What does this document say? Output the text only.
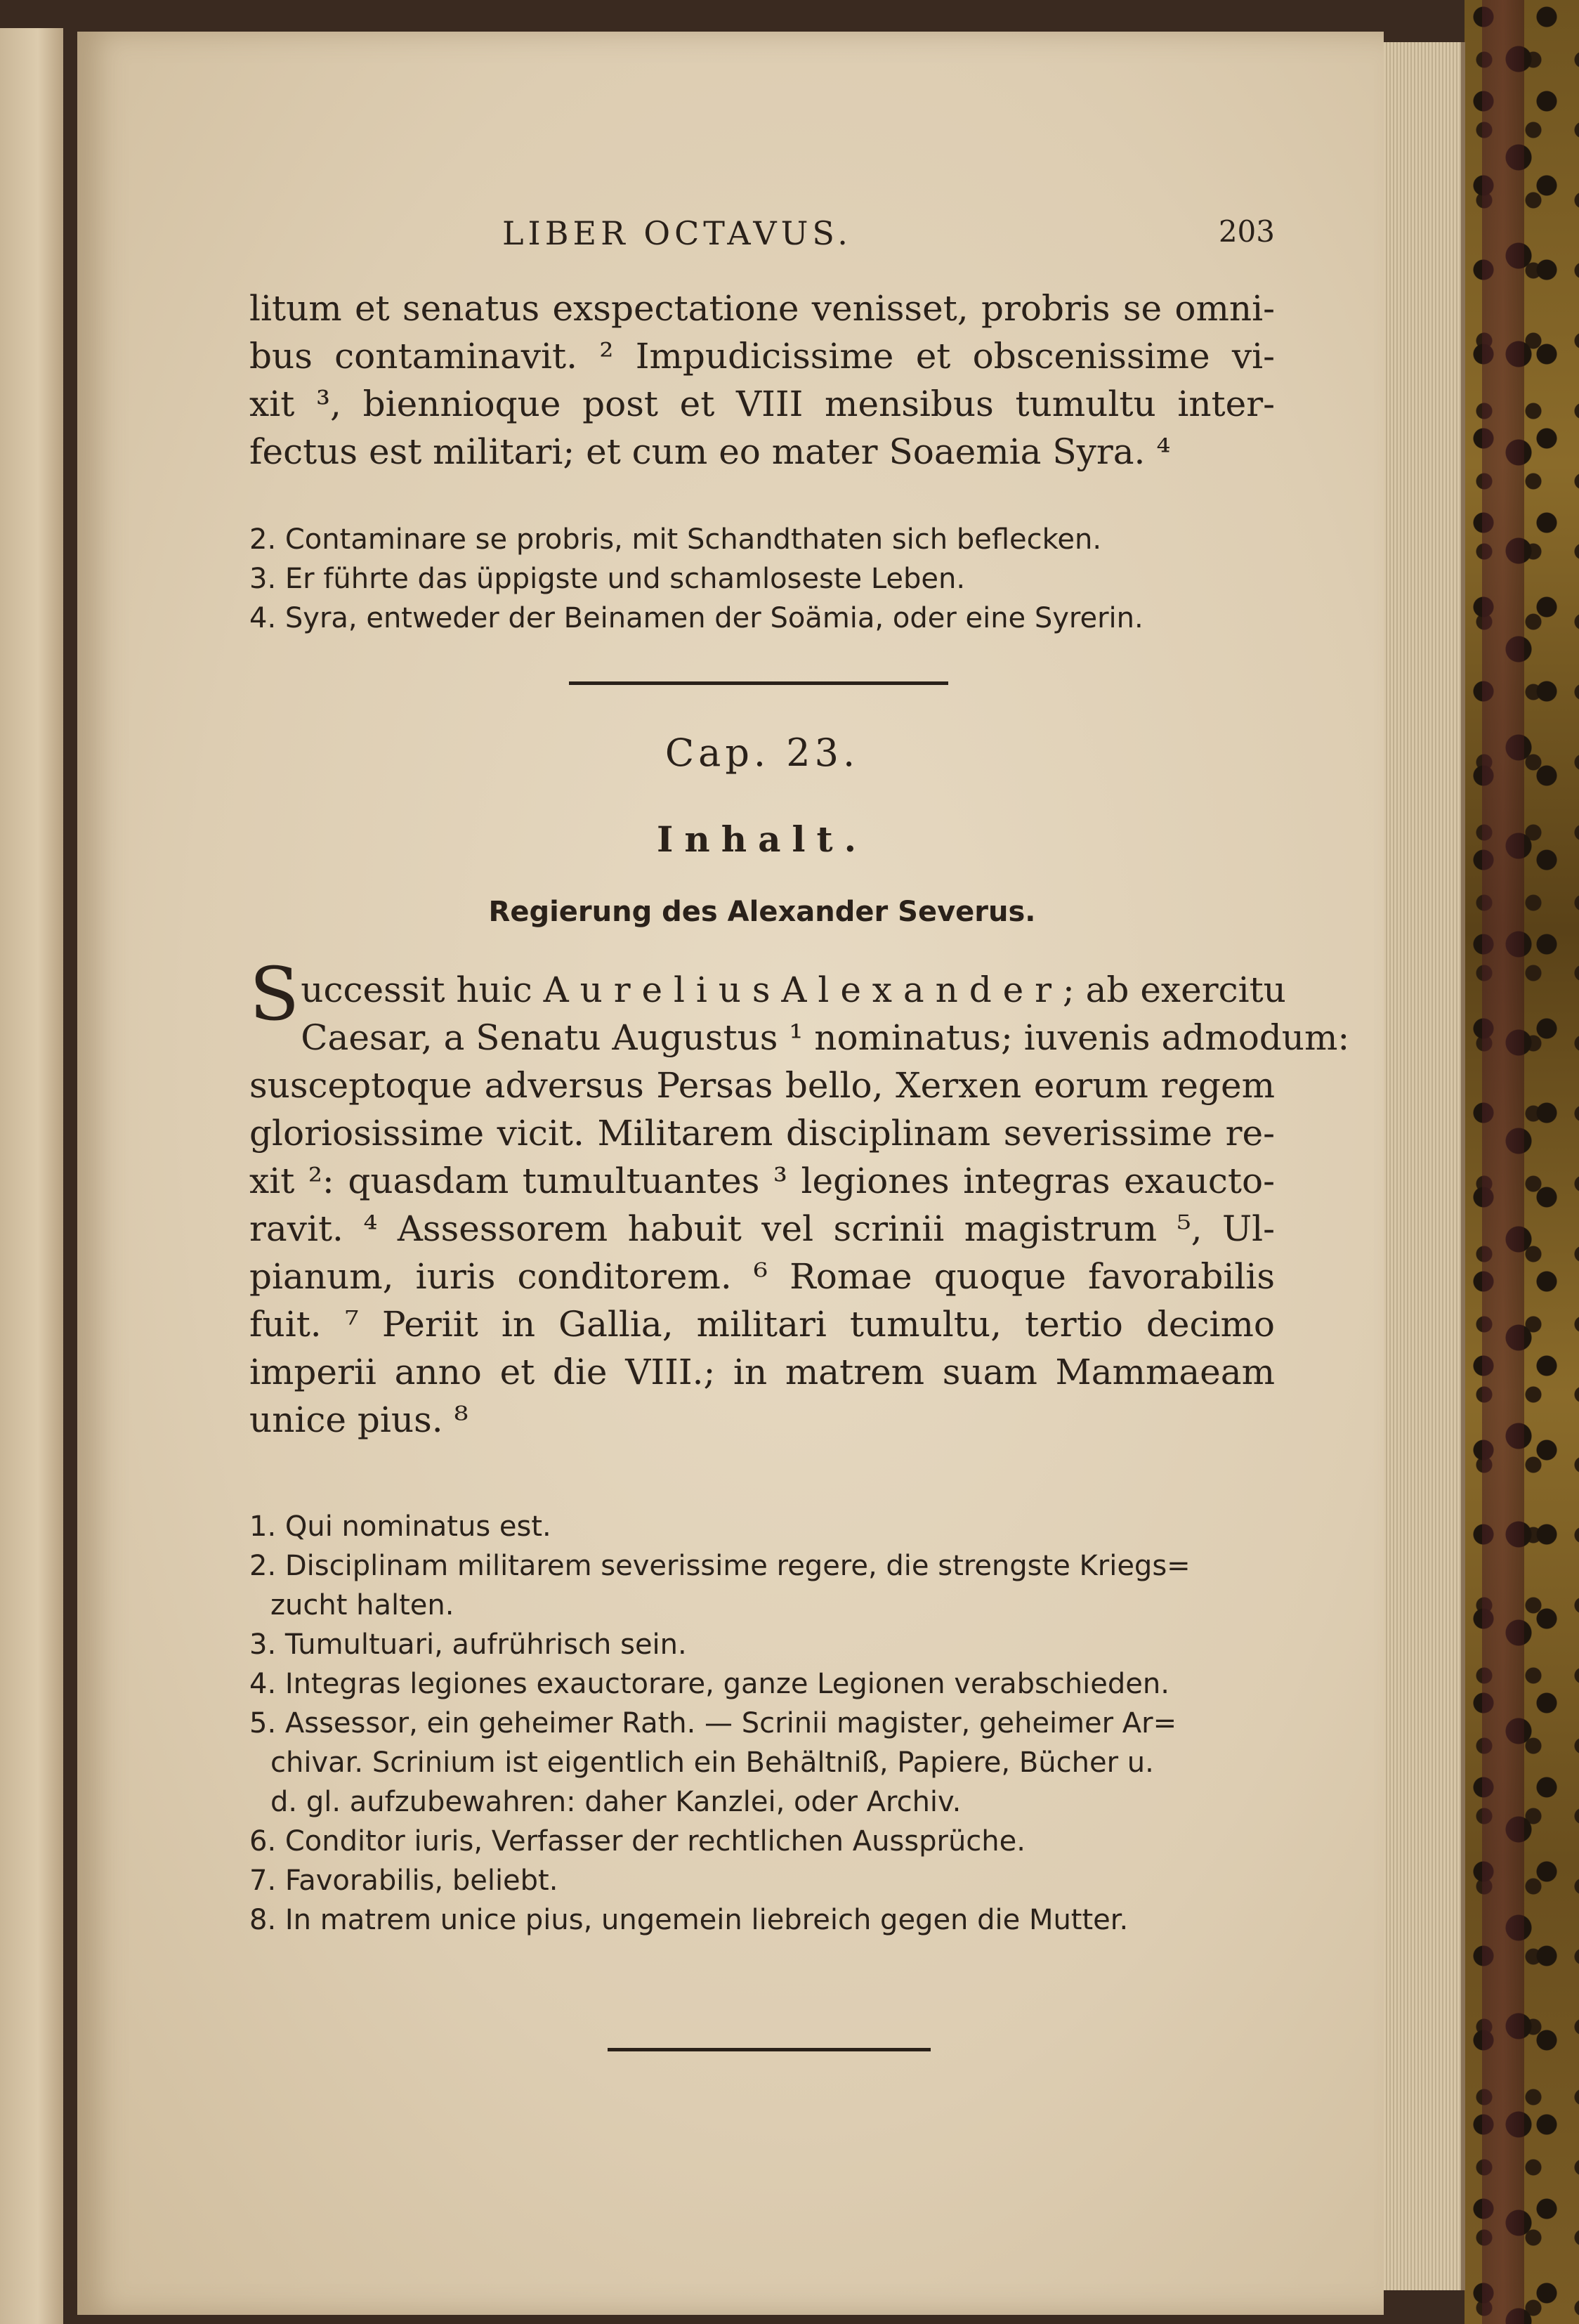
LIBER OCTAVUS.	203
litum et senatus exspectatione venisset, probris se omni-
bus contaminavit. ² Impudicissime et obscenissime vi-
xit ³, bienniοque post et VIII mensibus tumultu inter-
fectus est militari; et cum eo mater Soaemia Syra. ⁴
2. Contaminare se probris, mit Schandthaten sich beflecken.
3. Er führte das üppigste und schamloseste Leben.
4. Syra, entweder der Beinamen der Soämia, oder eine Syrerin.
Cap. 23.
Inhalt.
Regierung des Alexander Severus.
S uccessit huic A u r e l i u s A l e x a n d e r ; ab exercitu
Caesar, a Senatu Augustus ¹ nominatus; iuvenis admodum:
susceptoque adversus Persas bello, Xerxen eorum regem
gloriosissime vicit. Militarem disciplinam severissime re-
xit ²: quasdam tumultuantes ³ legiones integras exaucto-
ravit. ⁴ Assessorem habuit vel scrinii magistrum ⁵, Ul-
pianum, iuris conditorem. ⁶ Romae quoque favorabilis
fuit. ⁷ Periit in Gallia, militari tumultu, tertio decimo
imperii anno et die VIII.; in matrem suam Mammaeam
unice pius. ⁸
1. Qui nominatus est.
2. Disciplinam militarem severissime regere, die strengste Kriegs=
zucht halten.
3. Tumultuari, aufrührisch sein.
4. Integras legiones exauctorare, ganze Legionen verabschieden.
5. Assessor, ein geheimer Rath. — Scrinii magister, geheimer Ar=
chivar. Scrinium ist eigentlich ein Behältniß, Papiere, Bücher u.
d. gl. aufzubewahren: daher Kanzlei, oder Archiv.
6. Conditor iuris, Verfasser der rechtlichen Aussprüche.
7. Favorabilis, beliebt.
8. In matrem unice pius, ungemein liebreich gegen die Mutter.
